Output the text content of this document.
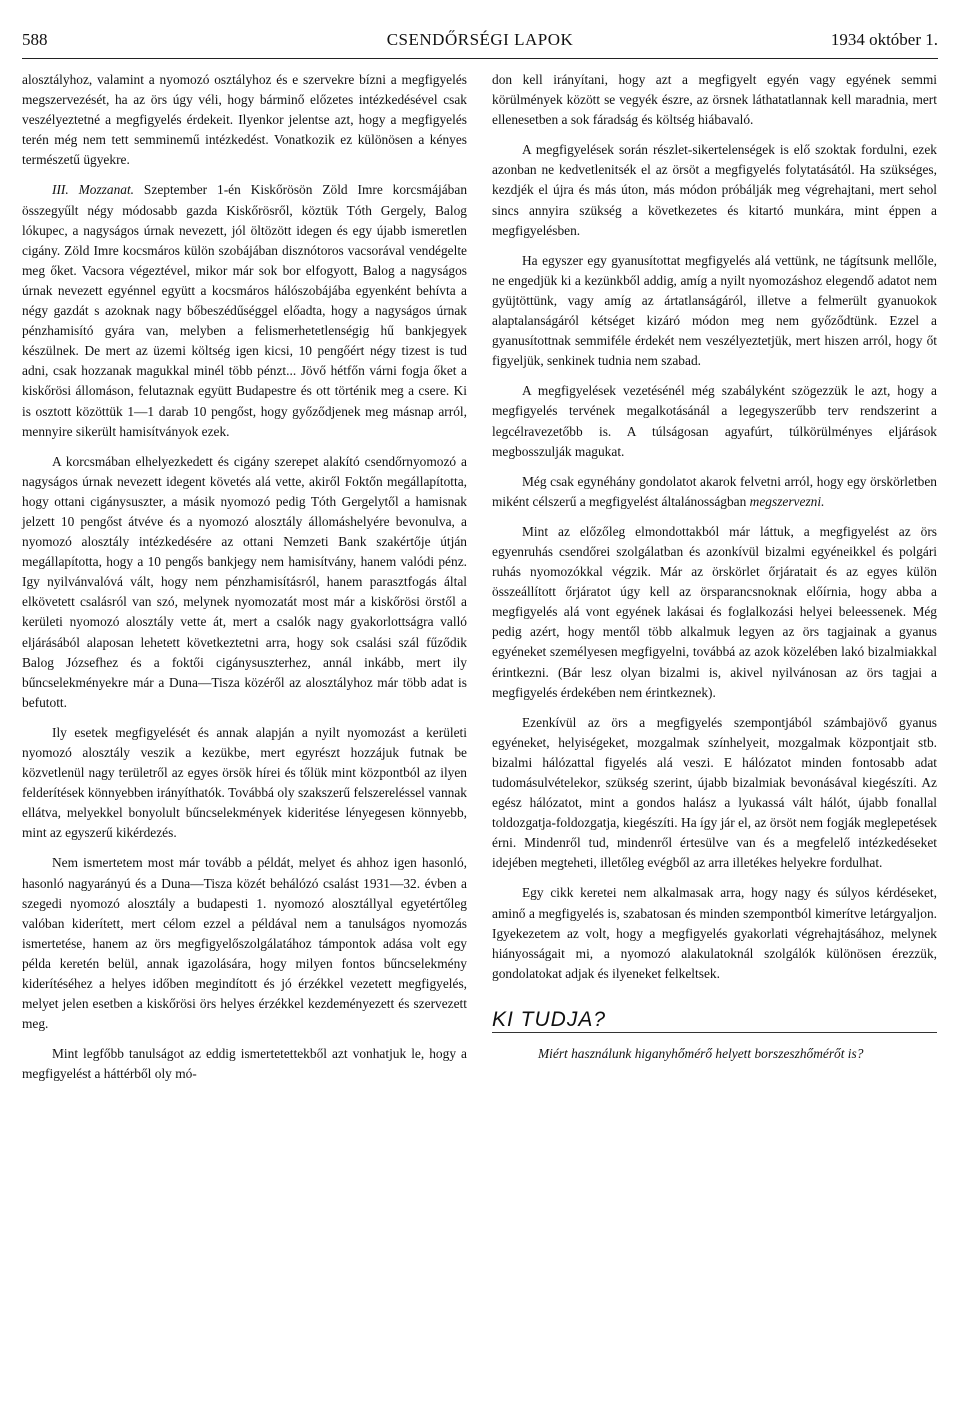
588	CSENDŐRSÉGI LAPOK	1934 október 1.

alosztályhoz, valamint a nyomozó osztályhoz és e szervekre bízni a megfigyelés megszervezését, ha az örs úgy véli, hogy bárminő előzetes intézkedésével csak veszélyeztetné a megfigyelés érdekeit. Ilyenkor jelentse azt, hogy a megfigyelés terén még nem tett semminemű intézkedést. Vonatkozik ez különösen a kényes természetű ügyekre.

III. Mozzanat. Szeptember 1-én Kiskőrösön Zöld Imre korcsmájában összegyűlt négy módosabb gazda Kiskőrösről, köztük Tóth Gergely, Balog lókupec, a nagyságos úrnak nevezett, jól öltözött idegen és egy újabb ismeretlen cigány. Zöld Imre kocsmáros külön szobájában disznótoros vacsorával vendégelte meg őket. Vacsora végeztével, mikor már sok bor elfogyott, Balog a nagyságos úrnak nevezett egyénnel együtt a kocsmáros hálószobájába egyenként behívta a négy gazdát s azoknak nagy bőbeszédűséggel előadta, hogy a nagyságos úrnak pénzhamisító gyára van, melyben a felismerhetetlenségig hű bankjegyek készülnek. De mert az üzemi költség igen kicsi, 10 pengőért négy tizest is tud adni, csak hozzanak magukkal minél több pénzt... Jövő hétfőn várni fogja őket a kiskőrösi állomáson, felutaznak együtt Budapestre és ott történik meg a csere. Ki is osztott közöttük 1—1 darab 10 pengőst, hogy győződjenek meg másnap arról, mennyire sikerült hamisítványok ezek.

A korcsmában elhelyezkedett és cigány szerepet alakító csendőrnyomozó a nagyságos úrnak nevezett idegent követés alá vette, akiről Foktőn megállapította, hogy ottani cigánysuszter, a másik nyomozó pedig Tóth Gergelytől a hamisnak jelzett 10 pengőst átvéve és a nyomozó alosztály állomáshelyére bevonulva, a nyomozó alosztály intézkedésére az ottani Nemzeti Bank szakértője útján megállapította, hogy a 10 pengős bankjegy nem hamisítvány, hanem valódi pénz. Igy nyilvánvalóvá vált, hogy nem pénzhamisításról, hanem parasztfogás által elkövetett csalásról van szó, melynek nyomozatát most már a kiskőrösi örstől a kerületi nyomozó alosztály vette át, mert a csalók nagy gyakorlottságra valló eljárásából alaposan lehetett következtetni arra, hogy sok csalási szál fűződik Balog Józsefhez és a foktői cigánysuszterhez, annál inkább, mert ily bűncselekményekre már a Duna—Tisza közéről az alosztályhoz már több adat is befutott.

Ily esetek megfigyelését és annak alapján a nyilt nyomozást a kerületi nyomozó alosztály veszik a kezükbe, mert egyrészt hozzájuk futnak be közvetlenül nagy területről az egyes örsök hírei és tőlük mint központból az ilyen felderítések könnyebben irányíthatók. Továbbá oly szakszerű felszereléssel vannak ellátva, melyekkel bonyolult bűncselekmények kideritése lényegesen könnyebb, mint az egyszerű kikérdezés.

Nem ismertetem most már tovább a példát, melyet és ahhoz igen hasonló, hasonló nagyarányú és a Duna—Tisza közét behálózó csalást 1931—32. évben a szegedi nyomozó alosztály a budapesti 1. nyomozó alosztállyal egyetértőleg valóban kiderített, mert célom ezzel a példával nem a tanulságos nyomozás ismertetése, hanem az örs megfigyelőszolgálatához támpontok adása volt egy példa keretén belül, annak igazolására, hogy milyen fontos bűncselekmény kiderítéséhez a helyes időben megindított és jó érzékkel vezetett megfigyelés, melyet jelen esetben a kiskőrösi örs helyes érzékkel kezdeményezett és szervezett meg.

Mint legfőbb tanulságot az eddig ismertetettekből azt vonhatjuk le, hogy a megfigyelést a háttérből oly mó-

don kell irányítani, hogy azt a megfigyelt egyén vagy egyének semmi körülmények között se vegyék észre, az örsnek láthatatlannak kell maradnia, mert ellenesetben a sok fáradság és költség hiábavaló.

A megfigyelések során részlet-sikertelenségek is elő szoktak fordulni, ezek azonban ne kedvetlenitsék el az örsöt a megfigyelés folytatásától. Ha szükséges, kezdjék el újra és más úton, más módon próbálják meg végrehajtani, mert sehol sincs annyira szükség a következetes és kitartó munkára, mint éppen a megfigyelésben.

Ha egyszer egy gyanusítottat megfigyelés alá vettünk, ne tágítsunk mellőle, ne engedjük ki a kezünkből addig, amíg a nyilt nyomozáshoz elegendő adatot nem gyüjtöttünk, vagy amíg az ártatlanságáról, illetve a felmerült gyanuokok alaptalanságáról kétséget kizáró módon meg nem győződtünk. Ezzel a gyanusítottnak semmiféle érdekét nem veszélyeztetjük, mert hiszen arról, hogy őt figyeljük, senkinek tudnia nem szabad.

A megfigyelések vezetésénél még szabályként szögezzük le azt, hogy a megfigyelés tervének megalkotásánál a legegyszerűbb terv rendszerint a legcélravezetőbb is. A túlságosan agyafúrt, túlkörülményes eljárások megbosszulják magukat.

Még csak egynéhány gondolatot akarok felvetni arról, hogy egy örskörletben miként célszerű a megfigyelést általánosságban megszervezni.

Mint az előzőleg elmondottakból már láttuk, a megfigyelést az örs egyenruhás csendőrei szolgálatban és azonkívül bizalmi egyéneikkel és polgári ruhás nyomozókkal végzik. Már az örskörlet őrjáratait és az egyes külön összeállított őrjáratot úgy kell az örsparancsnoknak előírnia, hogy abba a megfigyelés alá vont egyének lakásai és foglalkozási helyei beleessenek. Még pedig azért, hogy mentől több alkalmuk legyen az örs tagjainak a gyanus egyéneket személyesen megfigyelni, továbbá az azok közelében lakó bizalmiakkal érintkezni. (Bár lesz olyan bizalmi is, akivel nyilvánosan az örs tagjai a megfigyelés érdekében nem érintkeznek).

Ezenkívül az örs a megfigyelés szempontjából számbajövő gyanus egyéneket, helyiségeket, mozgalmak színhelyeit, mozgalmak központjait stb. bizalmi hálózattal figyelés alá veszi. E hálózatot minden fontosabb adat tudomásulvételekor, szükség szerint, újabb bizalmiak bevonásával kiegészíti. Az egész hálózatot, mint a gondos halász a lyukassá vált hálót, újabb fonallal toldozgatja-foldozgatja, kiegészíti. Ha így jár el, az örsöt nem fogják meglepetések érni. Mindenről tud, mindenről értesülve van és a megfelelő intézkedéseket idejében megteheti, illetőleg evégből az arra illetékes helyekre fordulhat.

Egy cikk keretei nem alkalmasak arra, hogy nagy és súlyos kérdéseket, aminő a megfigyelés is, szabatosan és minden szempontból kimerítve letárgyaljon. Igyekezetem az volt, hogy a megfigyelés gyakorlati végrehajtásához, melynek hiányosságait mi, a nyomozó alakulatoknál szolgálók különösen érezzük, gondolatokat adjak és ilyeneket felkeltsek.

KI TUDJA?
Miért használunk higanyhőmérő helyett borszeszhőmérőt is?
